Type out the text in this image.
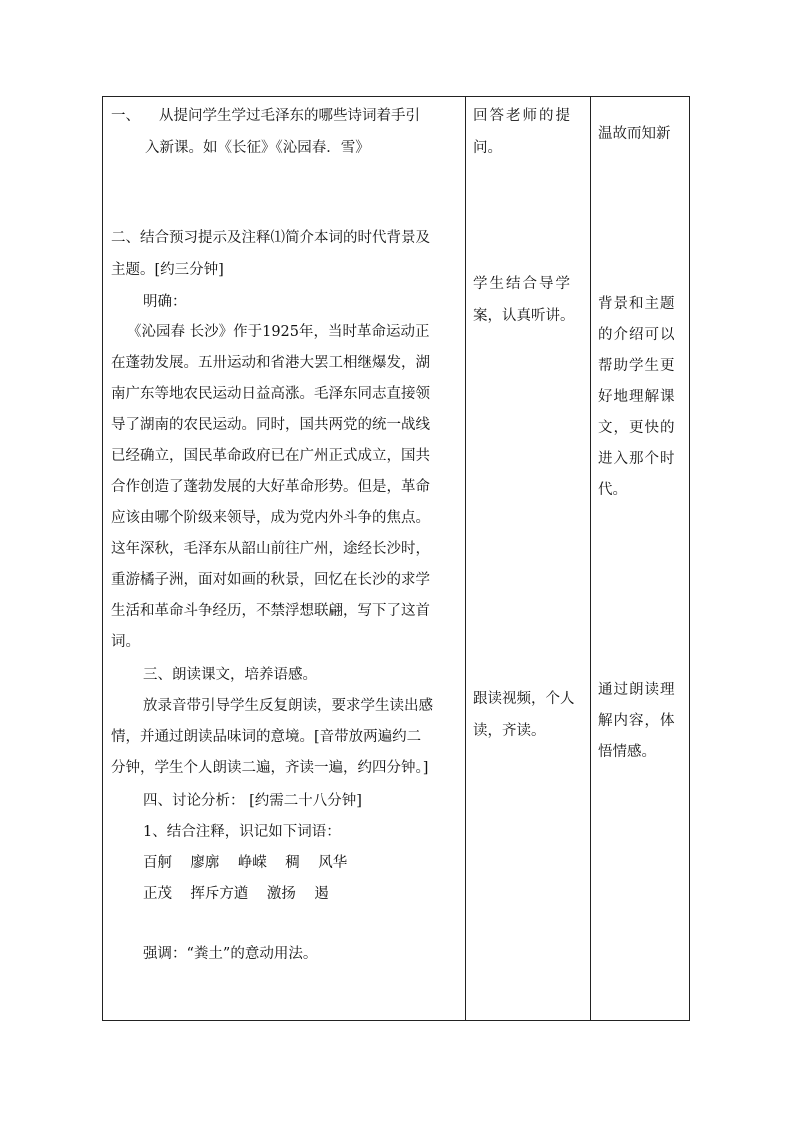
一、 从提问学生学过毛泽东的哪些诗词着手引

入新课。如《长征》《沁园春．雪》

二、结合预习提示及注释⑴简介本词的时代背景及

主题。[约三分钟]

明确：

《沁园春 长沙》作于1925年，当时革命运动正

在蓬勃发展。五卅运动和省港大罢工相继爆发，湖

南广东等地农民运动日益高涨。毛泽东同志直接领

导了湖南的农民运动。同时，国共两党的统一战线

已经确立，国民革命政府已在广州正式成立，国共

合作创造了蓬勃发展的大好革命形势。但是，革命

应该由哪个阶级来领导，成为党内外斗争的焦点。

这年深秋，毛泽东从韶山前往广州，途经长沙时，

重游橘子洲，面对如画的秋景，回忆在长沙的求学

生活和革命斗争经历，不禁浮想联翩，写下了这首

词。

三、朗读课文，培养语感。

放录音带引导学生反复朗读，要求学生读出感

情，并通过朗读品味词的意境。[音带放两遍约二

分钟，学生个人朗读二遍，齐读一遍，约四分钟。]

四、讨论分析： [约需二十八分钟]

1、结合注释，识记如下词语：

百舸    廖廓    峥嵘    稠    风华

正茂    挥斥方遒    激扬    遏

强调：“粪土”的意动用法。

回答老师的提

问。

学生结合导学

案，认真听讲。

跟读视频，个人

读，齐读。

温故而知新

背景和主题

的介绍可以

帮助学生更

好地理解课

文，更快的

进入那个时

代。

通过朗读理

解内容，体

悟情感。
